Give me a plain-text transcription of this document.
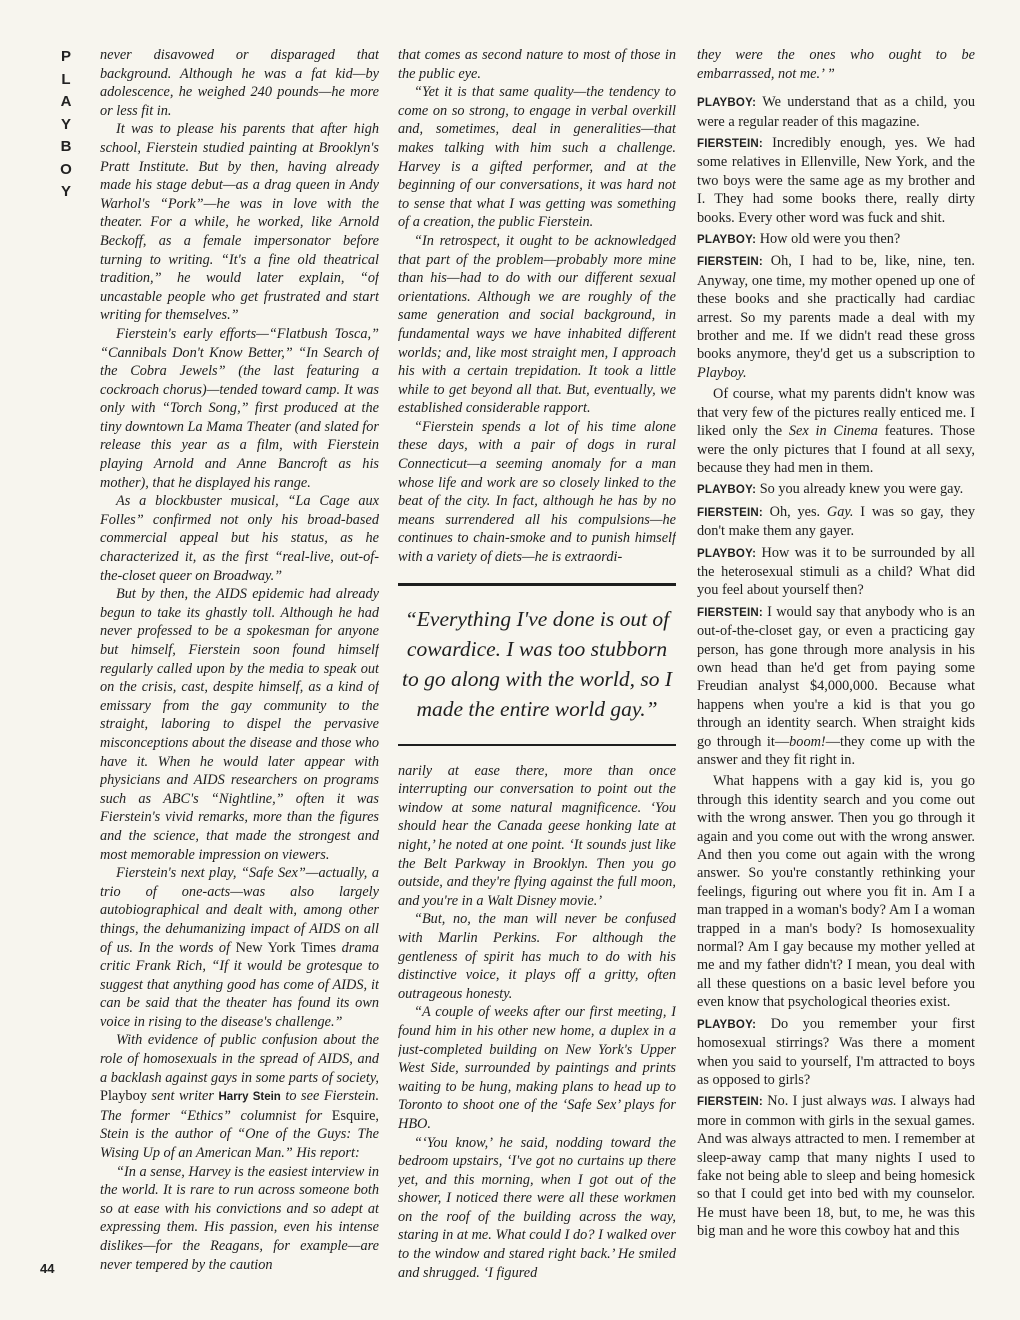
P
L
A
Y
B
O
Y
44

never disavowed or disparaged that background. Although he was a fat kid—by adolescence, he weighed 240 pounds—he more or less fit in.

It was to please his parents that after high school, Fierstein studied painting at Brooklyn's Pratt Institute. But by then, having already made his stage debut—as a drag queen in Andy Warhol's “Pork”—he was in love with the theater. For a while, he worked, like Arnold Beckoff, as a female impersonator before turning to writing. “It's a fine old theatrical tradition,” he would later explain, “of uncastable people who get frustrated and start writing for themselves.”

Fierstein's early efforts—“Flatbush Tosca,” “Cannibals Don't Know Better,” “In Search of the Cobra Jewels” (the last featuring a cockroach chorus)—tended toward camp. It was only with “Torch Song,” first produced at the tiny downtown La Mama Theater (and slated for release this year as a film, with Fierstein playing Arnold and Anne Bancroft as his mother), that he displayed his range.

As a blockbuster musical, “La Cage aux Folles” confirmed not only his broad-based commercial appeal but his status, as he characterized it, as the first “real-live, out-of-the-closet queer on Broadway.”

But by then, the AIDS epidemic had already begun to take its ghastly toll. Although he had never professed to be a spokesman for anyone but himself, Fierstein soon found himself regularly called upon by the media to speak out on the crisis, cast, despite himself, as a kind of emissary from the gay community to the straight, laboring to dispel the pervasive misconceptions about the disease and those who have it. When he would later appear with physicians and AIDS researchers on programs such as ABC's “Nightline,” often it was Fierstein's vivid remarks, more than the figures and the science, that made the strongest and most memorable impression on viewers.

Fierstein's next play, “Safe Sex”—actually, a trio of one-acts—was also largely autobiographical and dealt with, among other things, the dehumanizing impact of AIDS on all of us. In the words of New York Times drama critic Frank Rich, “If it would be grotesque to suggest that anything good has come of AIDS, it can be said that the theater has found its own voice in rising to the disease's challenge.”

With evidence of public confusion about the role of homosexuals in the spread of AIDS, and a backlash against gays in some parts of society, Playboy sent writer Harry Stein to see Fierstein. The former “Ethics” columnist for Esquire, Stein is the author of “One of the Guys: The Wising Up of an American Man.” His report:

“In a sense, Harvey is the easiest interview in the world. It is rare to run across someone both so at ease with his convictions and so adept at expressing them. His passion, even his intense dislikes—for the Reagans, for example—are never tempered by the caution

that comes as second nature to most of those in the public eye.

“Yet it is that same quality—the tendency to come on so strong, to engage in verbal overkill and, sometimes, deal in generalities—that makes talking with him such a challenge. Harvey is a gifted performer, and at the beginning of our conversations, it was hard not to sense that what I was getting was something of a creation, the public Fierstein.

“In retrospect, it ought to be acknowledged that part of the problem—probably more mine than his—had to do with our different sexual orientations. Although we are roughly of the same generation and social background, in fundamental ways we have inhabited different worlds; and, like most straight men, I approach his with a certain trepidation. It took a little while to get beyond all that. But, eventually, we established considerable rapport.

“Fierstein spends a lot of his time alone these days, with a pair of dogs in rural Connecticut—a seeming anomaly for a man whose life and work are so closely linked to the beat of the city. In fact, although he has by no means surrendered all his compulsions—he continues to chain-smoke and to punish himself with a variety of diets—he is extraordi-

“Everything I've done is out of cowardice. I was too stubborn to go along with the world, so I made the entire world gay.”

narily at ease there, more than once interrupting our conversation to point out the window at some natural magnificence. ‘You should hear the Canada geese honking late at night,’ he noted at one point. ‘It sounds just like the Belt Parkway in Brooklyn. Then you go outside, and they're flying against the full moon, and you're in a Walt Disney movie.’

“But, no, the man will never be confused with Marlin Perkins. For although the gentleness of spirit has much to do with his distinctive voice, it plays off a gritty, often outrageous honesty.

“A couple of weeks after our first meeting, I found him in his other new home, a duplex in a just-completed building on New York's Upper West Side, surrounded by paintings and prints waiting to be hung, making plans to head up to Toronto to shoot one of the ‘Safe Sex’ plays for HBO.

“‘You know,’ he said, nodding toward the bedroom upstairs, ‘I've got no curtains up there yet, and this morning, when I got out of the shower, I noticed there were all these workmen on the roof of the building across the way, staring in at me. What could I do? I walked over to the window and stared right back.’ He smiled and shrugged. ‘I figured

they were the ones who ought to be embarrassed, not me.’ ”

PLAYBOY: We understand that as a child, you were a regular reader of this magazine.

FIERSTEIN: Incredibly enough, yes. We had some relatives in Ellenville, New York, and the two boys were the same age as my brother and I. They had some books there, really dirty books. Every other word was fuck and shit.

PLAYBOY: How old were you then?

FIERSTEIN: Oh, I had to be, like, nine, ten. Anyway, one time, my mother opened up one of these books and she practically had cardiac arrest. So my parents made a deal with my brother and me. If we didn't read these gross books anymore, they'd get us a subscription to Playboy.

Of course, what my parents didn't know was that very few of the pictures really enticed me. I liked only the Sex in Cinema features. Those were the only pictures that I found at all sexy, because they had men in them.

PLAYBOY: So you already knew you were gay.

FIERSTEIN: Oh, yes. Gay. I was so gay, they don't make them any gayer.

PLAYBOY: How was it to be surrounded by all the heterosexual stimuli as a child? What did you feel about yourself then?

FIERSTEIN: I would say that anybody who is an out-of-the-closet gay, or even a practicing gay person, has gone through more analysis in his own head than he'd get from paying some Freudian analyst $4,000,000. Because what happens when you're a kid is that you go through an identity search. When straight kids go through it—boom!—they come up with the answer and they fit right in.

What happens with a gay kid is, you go through this identity search and you come out with the wrong answer. Then you go through it again and you come out with the wrong answer. And then you come out again with the wrong answer. So you're constantly rethinking your feelings, figuring out where you fit in. Am I a man trapped in a woman's body? Am I a woman trapped in a man's body? Is homosexuality normal? Am I gay because my mother yelled at me and my father didn't? I mean, you deal with all these questions on a basic level before you even know that psychological theories exist.

PLAYBOY: Do you remember your first homosexual stirrings? Was there a moment when you said to yourself, I'm attracted to boys as opposed to girls?

FIERSTEIN: No. I just always was. I always had more in common with girls in the sexual games. And was always attracted to men. I remember at sleep-away camp that many nights I used to fake not being able to sleep and being homesick so that I could get into bed with my counselor. He must have been 18, but, to me, he was this big man and he wore this cowboy hat and this
